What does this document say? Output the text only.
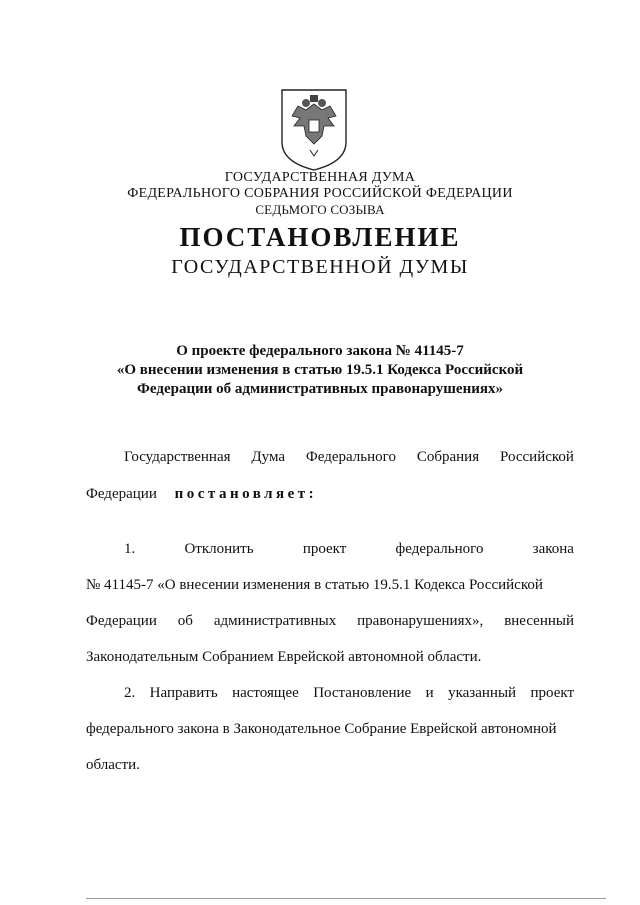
ГОСУДАРСТВЕННАЯ ДУМА
ФЕДЕРАЛЬНОГО СОБРАНИЯ РОССИЙСКОЙ ФЕДЕРАЦИИ
СЕДЬМОГО СОЗЫВА
ПОСТАНОВЛЕНИЕ
ГОСУДАРСТВЕННОЙ ДУМЫ
О проекте федерального закона № 41145-7
«О внесении изменения в статью 19.5.1 Кодекса Российской
Федерации об административных правонарушениях»
Государственная Дума Федерального Собрания Российской
Федерации постановляет:
1.	Отклонить	проект	федерального	закона
№ 41145-7 «О внесении изменения в статью 19.5.1 Кодекса Российской
Федерации об административных правонарушениях», внесенный
Законодательным Собранием Еврейской автономной области.
2. Направить настоящее Постановление и указанный проект
федерального закона в Законодательное Собрание Еврейской автономной
области.
